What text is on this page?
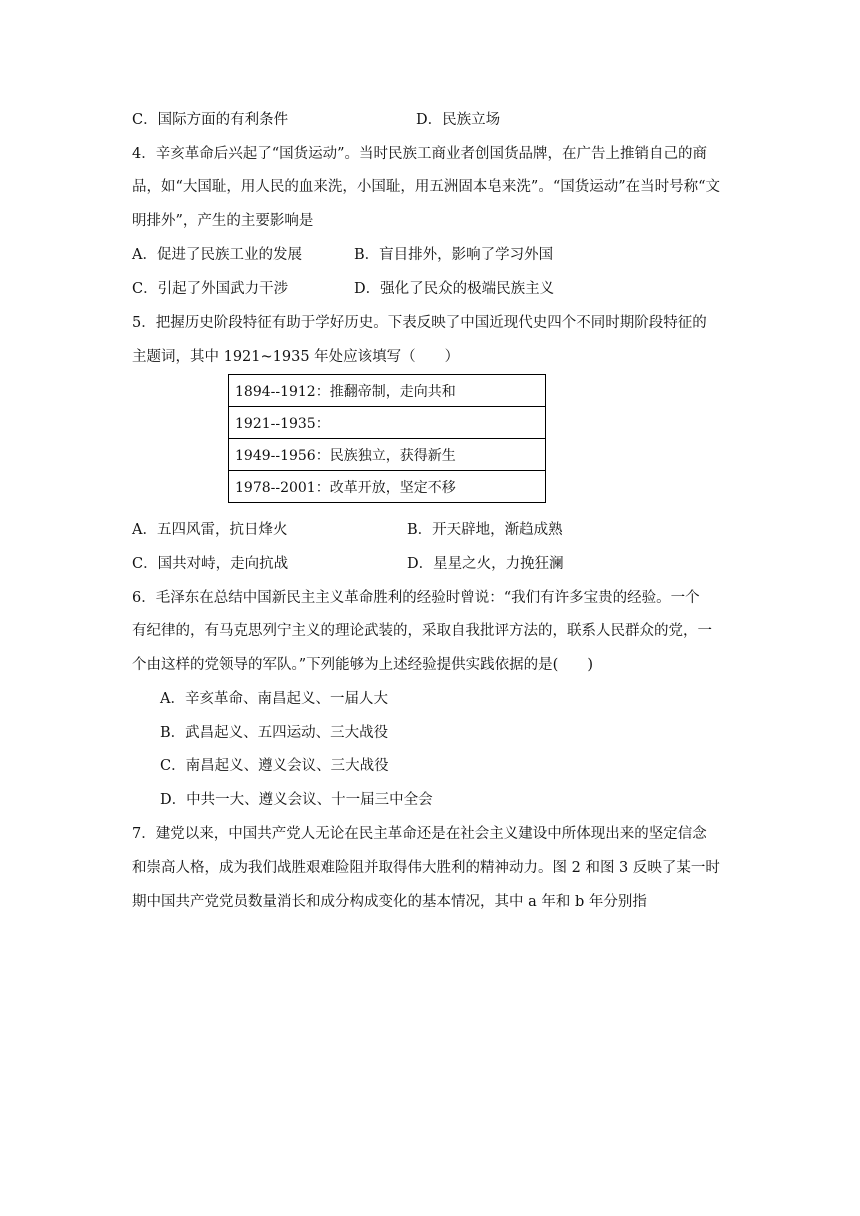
C．国际方面的有利条件	D．民族立场
4．辛亥革命后兴起了“国货运动”。当时民族工商业者创国货品牌，在广告上推销自己的商
品，如“大国耻，用人民的血来洗，小国耻，用五洲固本皂来洗”。“国货运动”在当时号称“文
明排外”，产生的主要影响是
A．促进了民族工业的发展	B．盲目排外，影响了学习外国
C．引起了外国武力干涉	D．强化了民众的极端民族主义
5．把握历史阶段特征有助于学好历史。下表反映了中国近现代史四个不同时期阶段特征的
主题词，其中 1921~1935 年处应该填写（　　）
1894--1912：推翻帝制，走向共和
1921--1935：
1949--1956：民族独立，获得新生
1978--2001：改革开放，坚定不移
A．五四风雷，抗日烽火	B．开天辟地，渐趋成熟
C．国共对峙，走向抗战	D．星星之火，力挽狂澜
6．毛泽东在总结中国新民主主义革命胜利的经验时曾说：“我们有许多宝贵的经验。一个
有纪律的，有马克思列宁主义的理论武装的，采取自我批评方法的，联系人民群众的党，一
个由这样的党领导的军队。”下列能够为上述经验提供实践依据的是(　　)
A．辛亥革命、南昌起义、一届人大
B．武昌起义、五四运动、三大战役
C．南昌起义、遵义会议、三大战役
D．中共一大、遵义会议、十一届三中全会
7．建党以来，中国共产党人无论在民主革命还是在社会主义建设中所体现出来的坚定信念
和崇高人格，成为我们战胜艰难险阻并取得伟大胜利的精神动力。图 2 和图 3 反映了某一时
期中国共产党党员数量消长和成分构成变化的基本情况，其中 a 年和 b 年分别指
